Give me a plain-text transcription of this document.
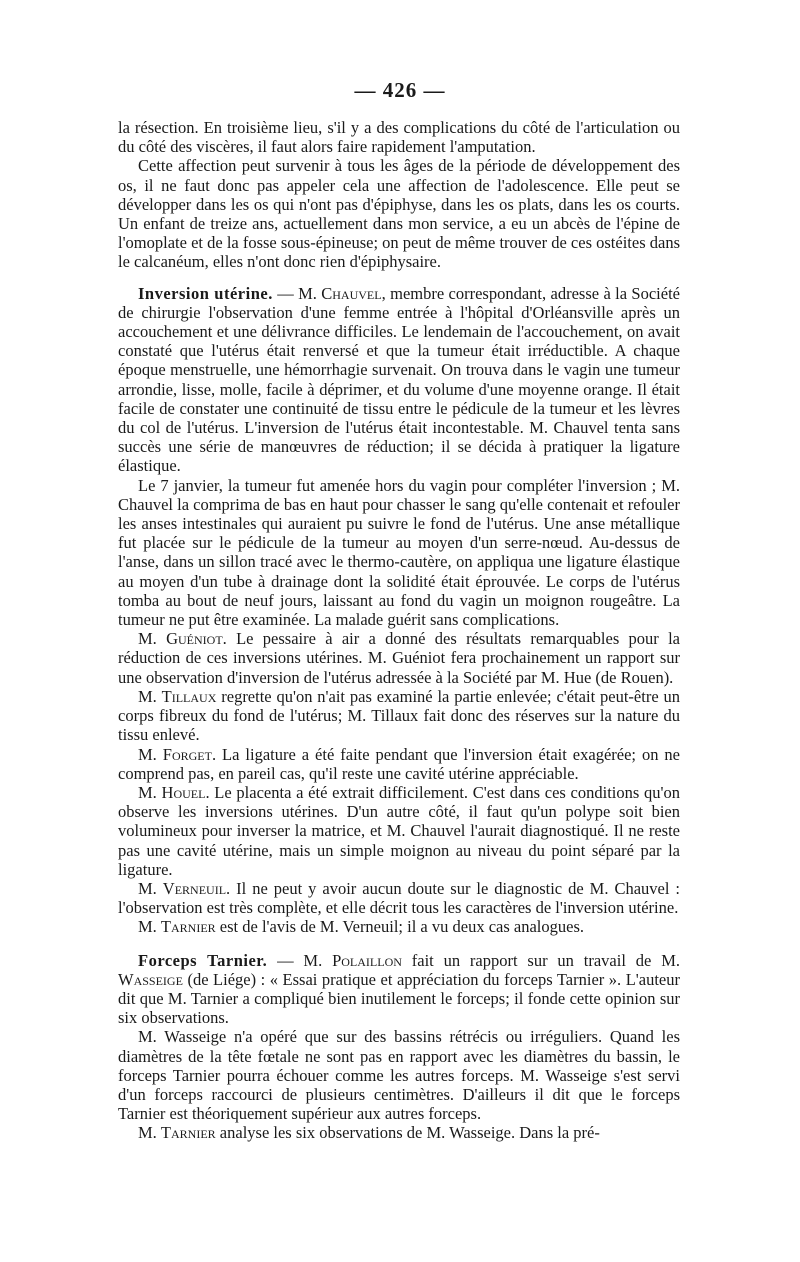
— 426 —

la résection. En troisième lieu, s'il y a des complications du côté de l'articulation ou du côté des viscères, il faut alors faire rapidement l'amputation.

Cette affection peut survenir à tous les âges de la période de développement des os, il ne faut donc pas appeler cela une affection de l'adolescence. Elle peut se développer dans les os qui n'ont pas d'épiphyse, dans les os plats, dans les os courts. Un enfant de treize ans, actuellement dans mon service, a eu un abcès de l'épine de l'omoplate et de la fosse sous-épineuse; on peut de même trouver de ces ostéites dans le calcanéum, elles n'ont donc rien d'épiphysaire.

Inversion utérine. — M. Chauvel, membre correspondant, adresse à la Société de chirurgie l'observation d'une femme entrée à l'hôpital d'Orléansville après un accouchement et une délivrance difficiles. Le lendemain de l'accouchement, on avait constaté que l'utérus était renversé et que la tumeur était irréductible. A chaque époque menstruelle, une hémorrhagie survenait. On trouva dans le vagin une tumeur arrondie, lisse, molle, facile à déprimer, et du volume d'une moyenne orange. Il était facile de constater une continuité de tissu entre le pédicule de la tumeur et les lèvres du col de l'utérus. L'inversion de l'utérus était incontestable. M. Chauvel tenta sans succès une série de manœuvres de réduction; il se décida à pratiquer la ligature élastique.

Le 7 janvier, la tumeur fut amenée hors du vagin pour compléter l'inversion ; M. Chauvel la comprima de bas en haut pour chasser le sang qu'elle contenait et refouler les anses intestinales qui auraient pu suivre le fond de l'utérus. Une anse métallique fut placée sur le pédicule de la tumeur au moyen d'un serre-nœud. Au-dessus de l'anse, dans un sillon tracé avec le thermo-cautère, on appliqua une ligature élastique au moyen d'un tube à drainage dont la solidité était éprouvée. Le corps de l'utérus tomba au bout de neuf jours, laissant au fond du vagin un moignon rougeâtre. La tumeur ne put être examinée. La malade guérit sans complications.

M. Guéniot. Le pessaire à air a donné des résultats remarquables pour la réduction de ces inversions utérines. M. Guéniot fera prochainement un rapport sur une observation d'inversion de l'utérus adressée à la Société par M. Hue (de Rouen).

M. Tillaux regrette qu'on n'ait pas examiné la partie enlevée; c'était peut-être un corps fibreux du fond de l'utérus; M. Tillaux fait donc des réserves sur la nature du tissu enlevé.

M. Forget. La ligature a été faite pendant que l'inversion était exagérée; on ne comprend pas, en pareil cas, qu'il reste une cavité utérine appréciable.

M. Houel. Le placenta a été extrait difficilement. C'est dans ces conditions qu'on observe les inversions utérines. D'un autre côté, il faut qu'un polype soit bien volumineux pour inverser la matrice, et M. Chauvel l'aurait diagnostiqué. Il ne reste pas une cavité utérine, mais un simple moignon au niveau du point séparé par la ligature.

M. Verneuil. Il ne peut y avoir aucun doute sur le diagnostic de M. Chauvel : l'observation est très complète, et elle décrit tous les caractères de l'inversion utérine.

M. Tarnier est de l'avis de M. Verneuil; il a vu deux cas analogues.

Forceps Tarnier. — M. Polaillon fait un rapport sur un travail de M. Wasseige (de Liége) : « Essai pratique et appréciation du forceps Tarnier ». L'auteur dit que M. Tarnier a compliqué bien inutilement le forceps; il fonde cette opinion sur six observations.

M. Wasseige n'a opéré que sur des bassins rétrécis ou irréguliers. Quand les diamètres de la tête fœtale ne sont pas en rapport avec les diamètres du bassin, le forceps Tarnier pourra échouer comme les autres forceps. M. Wasseige s'est servi d'un forceps raccourci de plusieurs centimètres. D'ailleurs il dit que le forceps Tarnier est théoriquement supérieur aux autres forceps.

M. Tarnier analyse les six observations de M. Wasseige. Dans la pré-
